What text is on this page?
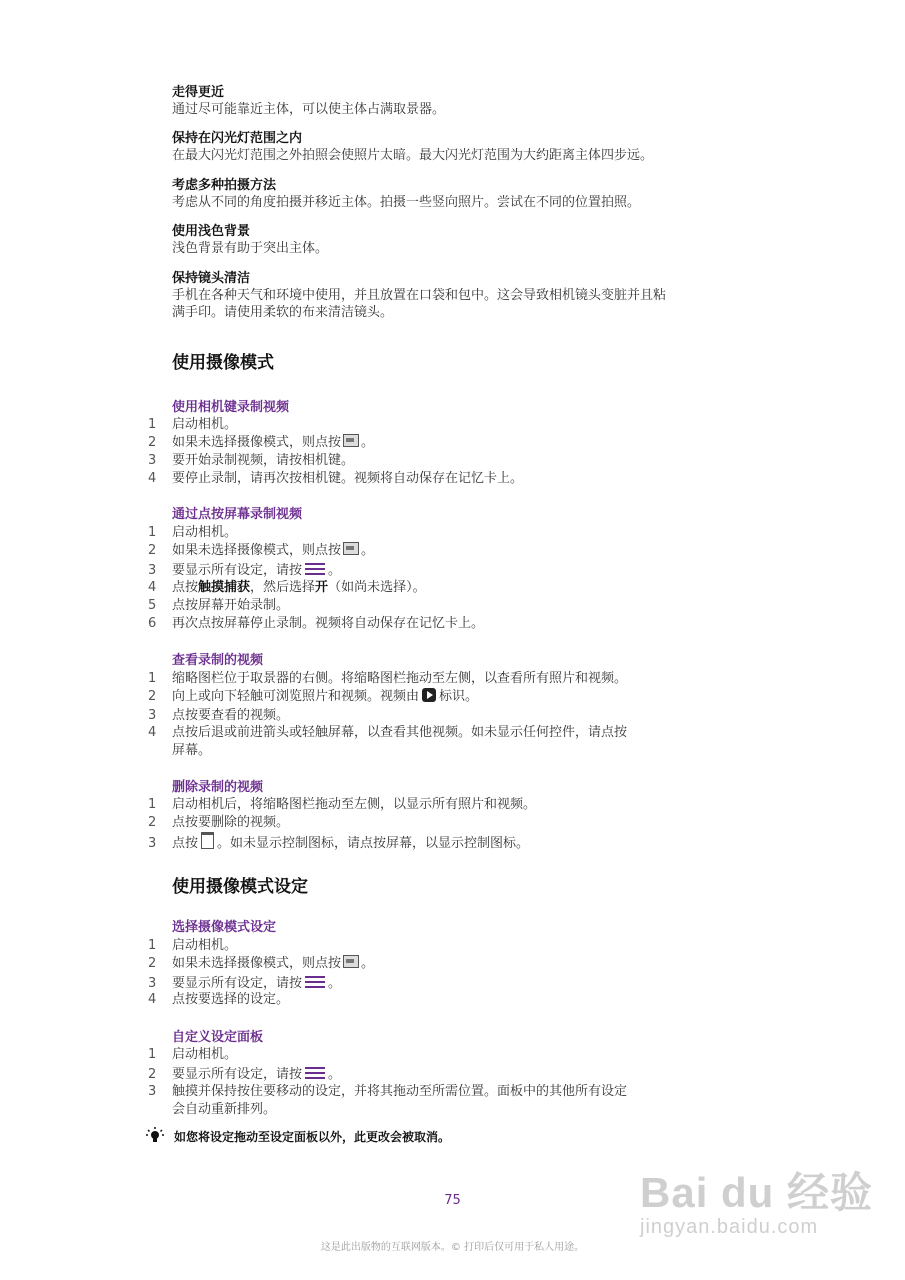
走得更近
通过尽可能靠近主体，可以使主体占满取景器。
保持在闪光灯范围之内
在最大闪光灯范围之外拍照会使照片太暗。最大闪光灯范围为大约距离主体四步远。
考虑多种拍摄方法
考虑从不同的角度拍摄并移近主体。拍摄一些竖向照片。尝试在不同的位置拍照。
使用浅色背景
浅色背景有助于突出主体。
保持镜头清洁
手机在各种天气和环境中使用，并且放置在口袋和包中。这会导致相机镜头变脏并且粘
满手印。请使用柔软的布来清洁镜头。
使用摄像模式
使用相机键录制视频
1 启动相机。
2 如果未选择摄像模式，则点按 。
3 要开始录制视频，请按相机键。
4 要停止录制，请再次按相机键。视频将自动保存在记忆卡上。
通过点按屏幕录制视频
1 启动相机。
2 如果未选择摄像模式，则点按 。
3 要显示所有设定，请按 。
4 点按触摸捕获，然后选择开（如尚未选择）。
5 点按屏幕开始录制。
6 再次点按屏幕停止录制。视频将自动保存在记忆卡上。
查看录制的视频
1 缩略图栏位于取景器的右侧。将缩略图栏拖动至左侧，以查看所有照片和视频。
2 向上或向下轻触可浏览照片和视频。视频由 标识。
3 点按要查看的视频。
4 点按后退或前进箭头或轻触屏幕，以查看其他视频。如未显示任何控件，请点按
屏幕。
删除录制的视频
1 启动相机后，将缩略图栏拖动至左侧，以显示所有照片和视频。
2 点按要删除的视频。
3 点按 。如未显示控制图标，请点按屏幕，以显示控制图标。
使用摄像模式设定
选择摄像模式设定
1 启动相机。
2 如果未选择摄像模式，则点按 。
3 要显示所有设定，请按 。
4 点按要选择的设定。
自定义设定面板
1 启动相机。
2 要显示所有设定，请按 。
3 触摸并保持按住要移动的设定，并将其拖动至所需位置。面板中的其他所有设定
会自动重新排列。
如您将设定拖动至设定面板以外，此更改会被取消。
Bai du 经验
jingyan.baidu.com
75
这是此出版物的互联网版本。© 打印后仅可用于私人用途。
